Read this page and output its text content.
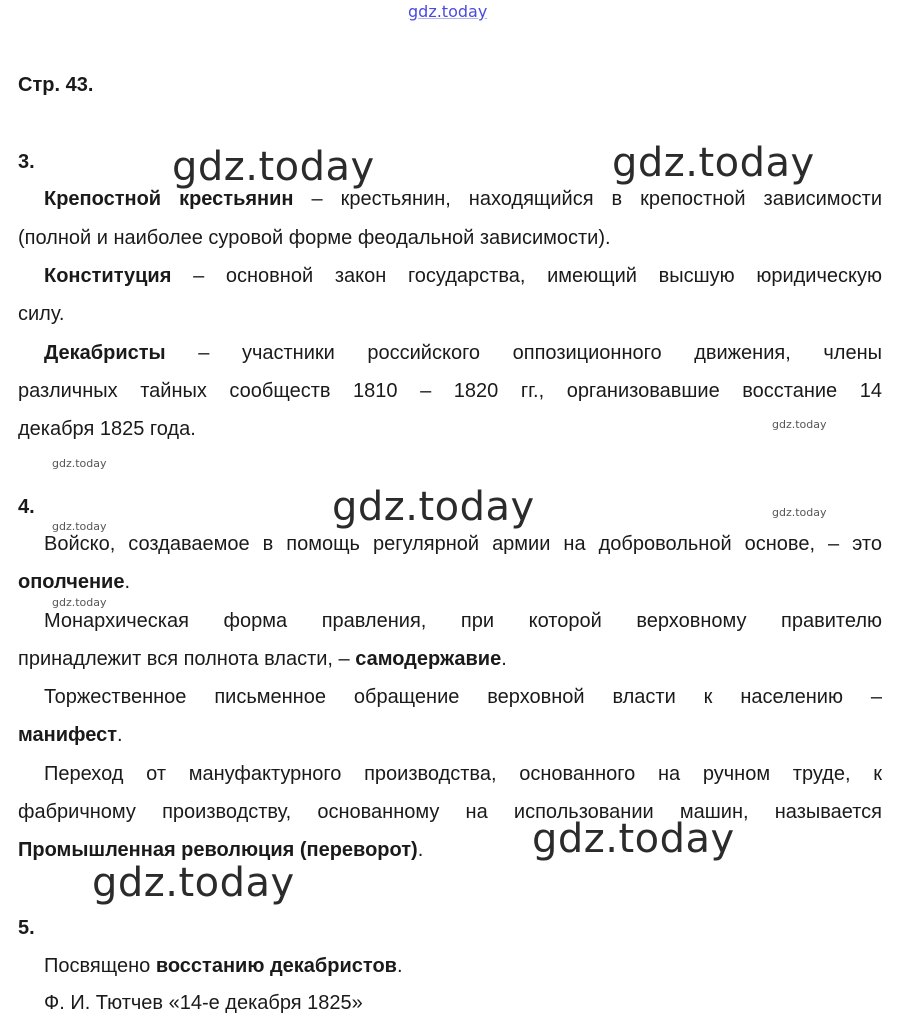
gdz.today
gdz.today	gdz.today
gdz.today
gdz.today
gdz.today
gdz.today
gdz.today
gdz.today
gdz.today
gdz.today
Стр. 43.
3.
Крепостной крестьянин – крестьянин, находящийся в крепостной зависимости
(полной и наиболее суровой форме феодальной зависимости).
Конституция – основной закон государства, имеющий высшую юридическую
силу.
Декабристы – участники российского оппозиционного движения, члены
различных тайных сообществ 1810 – 1820 гг., организовавшие восстание 14
декабря 1825 года.
4.
Войско, создаваемое в помощь регулярной армии на добровольной основе, – это
ополчение.
Монархическая форма правления, при которой верховному правителю
принадлежит вся полнота власти, – самодержавие.
Торжественное письменное обращение верховной власти к населению –
манифест.
Переход от мануфактурного производства, основанного на ручном труде, к
фабричному производству, основанному на использовании машин, называется
Промышленная революция (переворот).
5.
Посвящено восстанию декабристов.
Ф. И. Тютчев «14-е декабря 1825»
